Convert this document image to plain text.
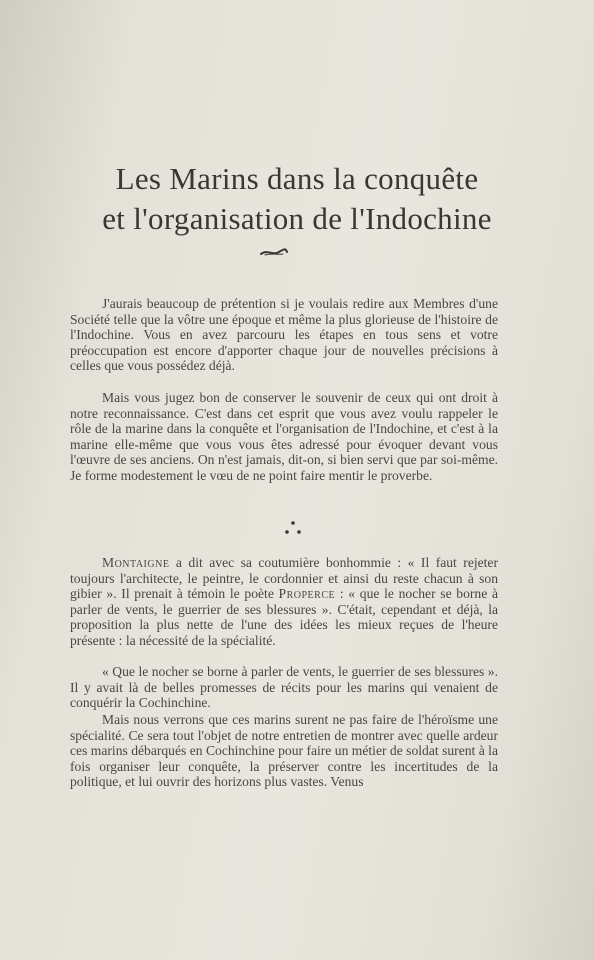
Les Marins dans la conquête
et l'organisation de l'Indochine

J'aurais beaucoup de prétention si je voulais redire aux Membres d'une Société telle que la vôtre une époque et même la plus glorieuse de l'histoire de l'Indochine. Vous en avez parcouru les étapes en tous sens et votre préoccupation est encore d'apporter chaque jour de nouvelles précisions à celles que vous possédez déjà.

Mais vous jugez bon de conserver le souvenir de ceux qui ont droit à notre reconnaissance. C'est dans cet esprit que vous avez voulu rappeler le rôle de la marine dans la conquête et l'organisation de l'Indochine, et c'est à la marine elle-même que vous vous êtes adressé pour évoquer devant vous l'œuvre de ses anciens. On n'est jamais, dit-on, si bien servi que par soi-même. Je forme modestement le vœu de ne point faire mentir le proverbe.

Montaigne a dit avec sa coutumière bonhommie : « Il faut rejeter toujours l'architecte, le peintre, le cordonnier et ainsi du reste chacun à son gibier ». Il prenait à témoin le poète Properce : « que le nocher se borne à parler de vents, le guerrier de ses blessures ». C'était, cependant et déjà, la proposition la plus nette de l'une des idées les mieux reçues de l'heure présente : la nécessité de la spécialité.

« Que le nocher se borne à parler de vents, le guerrier de ses blessures ». Il y avait là de belles promesses de récits pour les marins qui venaient de conquérir la Cochinchine.

Mais nous verrons que ces marins surent ne pas faire de l'héroïsme une spécialité. Ce sera tout l'objet de notre entretien de montrer avec quelle ardeur ces marins débarqués en Cochinchine pour faire un métier de soldat surent à la fois organiser leur conquête, la préserver contre les incertitudes de la politique, et lui ouvrir des horizons plus vastes. Venus
